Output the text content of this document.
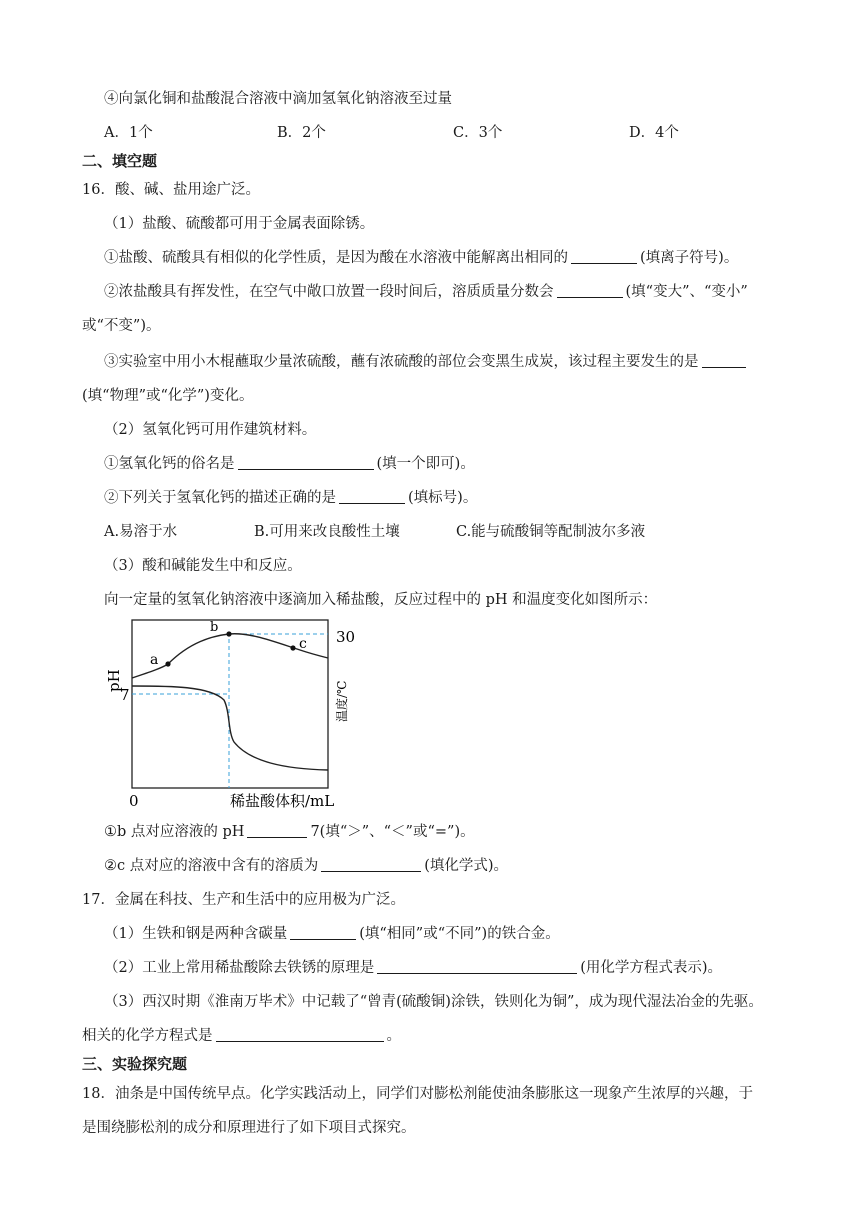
④向氯化铜和盐酸混合溶液中滴加氢氧化钠溶液至过量
A．1个	B．2个	C．3个	D．4个
二、填空题
16．酸、碱、盐用途广泛。
（1）盐酸、硫酸都可用于金属表面除锈。
①盐酸、硫酸具有相似的化学性质，是因为酸在水溶液中能解离出相同的	(填离子符号)。
②浓盐酸具有挥发性，在空气中敞口放置一段时间后，溶质质量分数会	(填“变大”、“变小”
或“不变”)。
③实验室中用小木棍蘸取少量浓硫酸，蘸有浓硫酸的部位会变黑生成炭，该过程主要发生的是
(填“物理”或“化学”)变化。
（2）氢氧化钙可用作建筑材料。
①氢氧化钙的俗名是	(填一个即可)。
②下列关于氢氧化钙的描述正确的是	(填标号)。
A.易溶于水	B.可用来改良酸性土壤	C.能与硫酸铜等配制波尔多液
（3）酸和碱能发生中和反应。
向一定量的氢氧化钠溶液中逐滴加入稀盐酸，反应过程中的 pH 和温度变化如图所示：
a
b
c 30
7
0	稀盐酸体积/mL
pH	温度/℃
①b 点对应溶液的 pH	7(填“＞”、“＜”或“=”)。
②c 点对应的溶液中含有的溶质为	(填化学式)。
17．金属在科技、生产和生活中的应用极为广泛。
（1）生铁和钢是两种含碳量	(填“相同”或“不同”)的铁合金。
（2）工业上常用稀盐酸除去铁锈的原理是	(用化学方程式表示)。
（3）西汉时期《淮南万毕术》中记载了“曾青(硫酸铜)涂铁，铁则化为铜”，成为现代湿法冶金的先驱。
相关的化学方程式是	。
三、实验探究题
18．油条是中国传统早点。化学实践活动上，同学们对膨松剂能使油条膨胀这一现象产生浓厚的兴趣，于
是围绕膨松剂的成分和原理进行了如下项目式探究。
